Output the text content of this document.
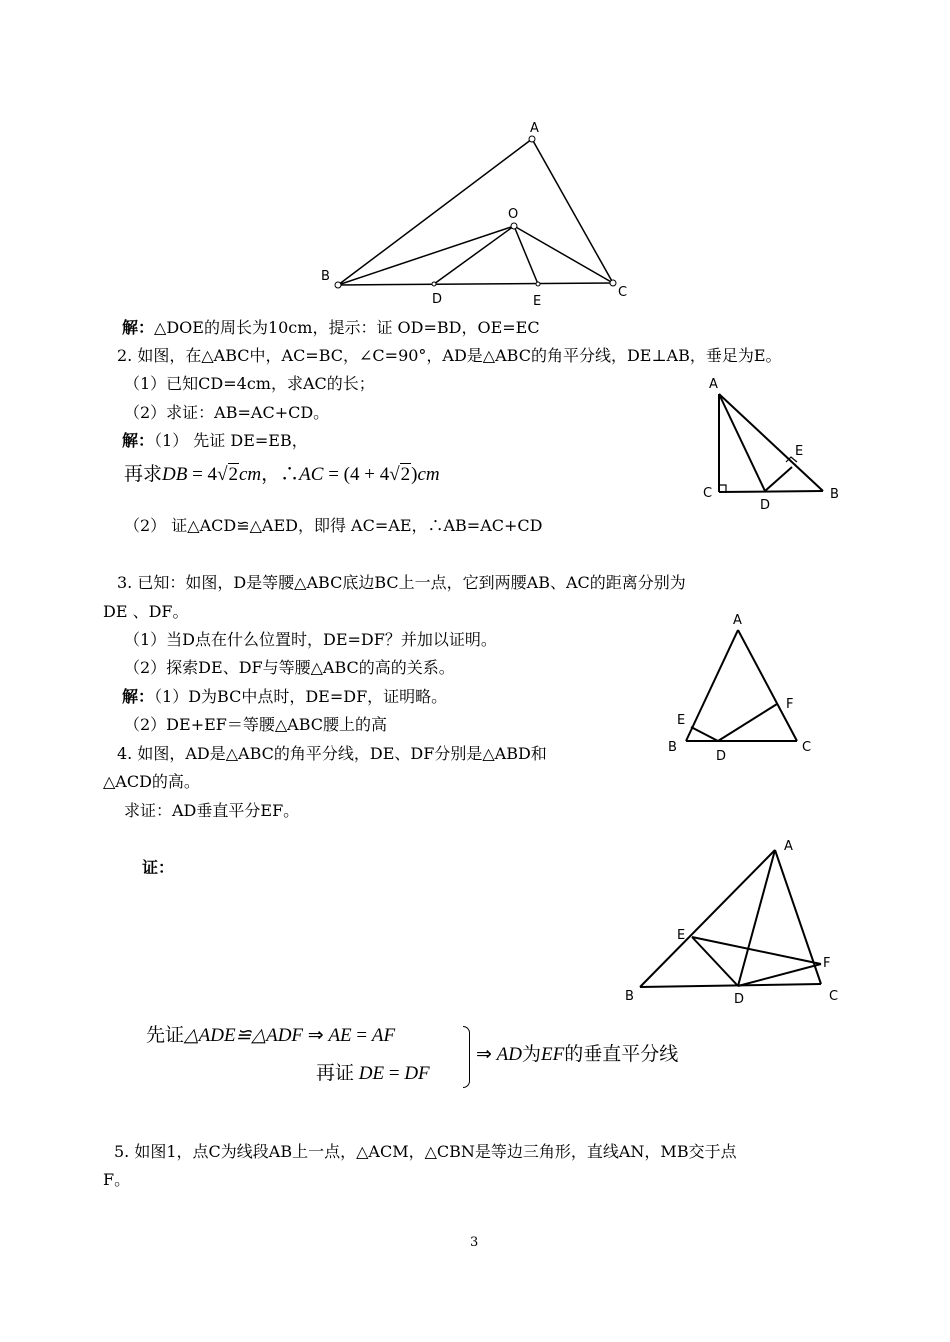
A
O
B
D	E
C
解：△DOE的周长为10cm，提示：证 OD=BD，OE=EC
2. 如图，在△ABC中，AC=BC，∠C=90°，AD是△ABC的角平分线，DE⊥AB，垂足为E。
（1）已知CD=4cm，求AC的长；
（2）求证：AB=AC+CD。
解：（1） 先证 DE=EB，
再求DB = 4√2cm，∴AC = (4 + 4√2)cm
（2） 证△ACD≌△AED，即得 AC=AE，∴AB=AC+CD
A
E
C
D
B
3. 已知：如图，D是等腰△ABC底边BC上一点，它到两腰AB、AC的距离分别为
DE 、DF。
（1）当D点在什么位置时，DE=DF？并加以证明。
（2）探索DE、DF与等腰△ABC的高的关系。
解：（1）D为BC中点时，DE=DF，证明略。
（2）DE+EF＝等腰△ABC腰上的高
A
F
E
B
D
C
4. 如图，AD是△ABC的角平分线，DE、DF分别是△ABD和
△ACD的高。
求证：AD垂直平分EF。
证：
A
E
F
B	D	C
先证△ADE≌△ADF ⇒ AE = AF
再证 DE = DF
⇒ AD为EF的垂直平分线
5. 如图1，点C为线段AB上一点，△ACM，△CBN是等边三角形，直线AN，MB交于点
F。
3
